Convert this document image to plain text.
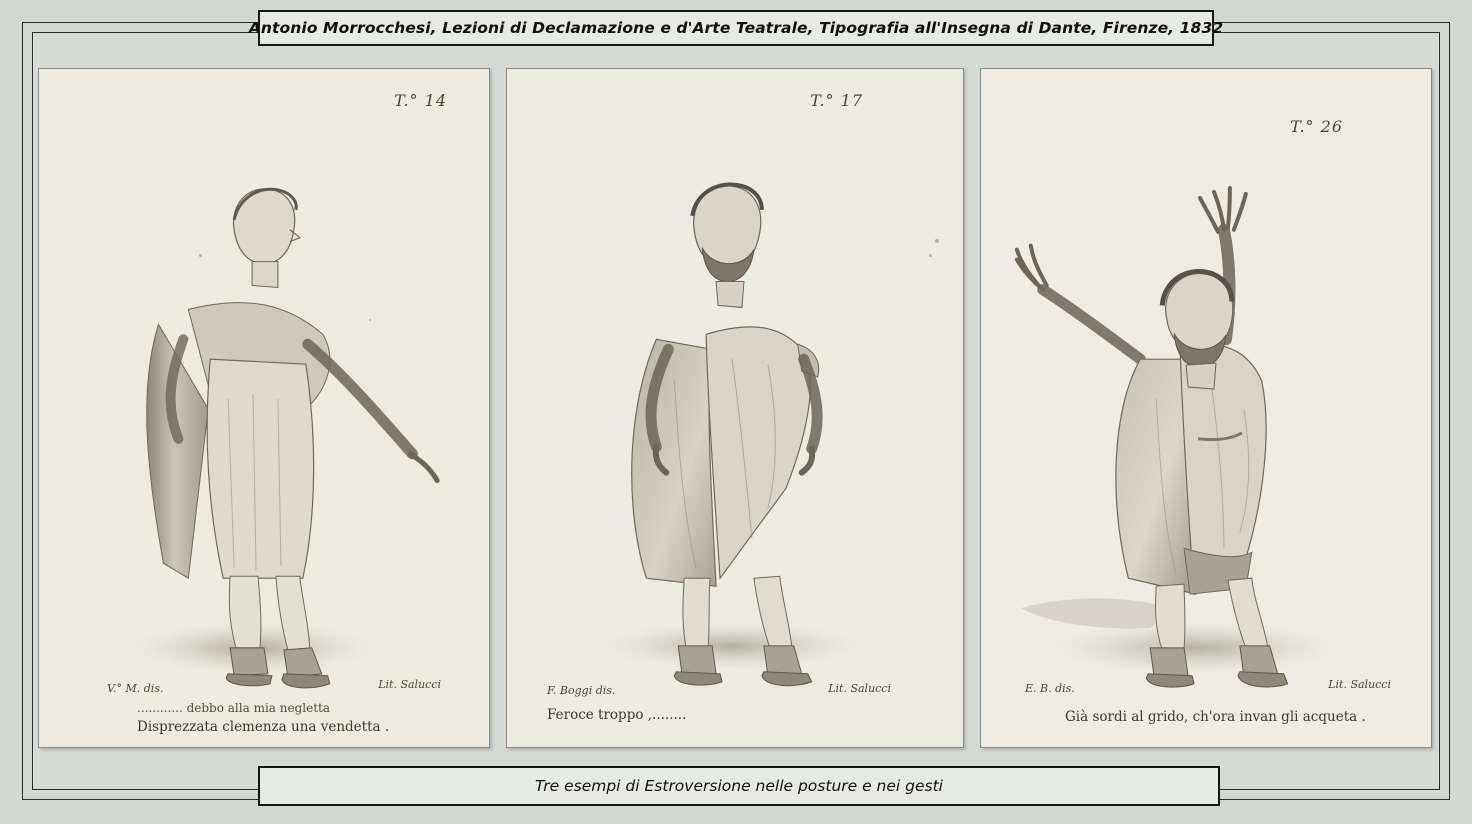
Antonio Morrocchesi, Lezioni di Declamazione e d'Arte Teatrale, Tipografia all'Insegna di Dante, Firenze, 1832
T.° 14
V.° M. dis.	Lit. Salucci
............ debbo alla mia negletta
Disprezzata clemenza una vendetta .
T.° 17
F. Boggi dis.	Lit. Salucci
Feroce troppo ,........
T.° 26
E. B. dis.	Lit. Salucci
Già sordi al grido, ch'ora invan gli acqueta .
Tre esempi di Estroversione nelle posture e nei gesti
